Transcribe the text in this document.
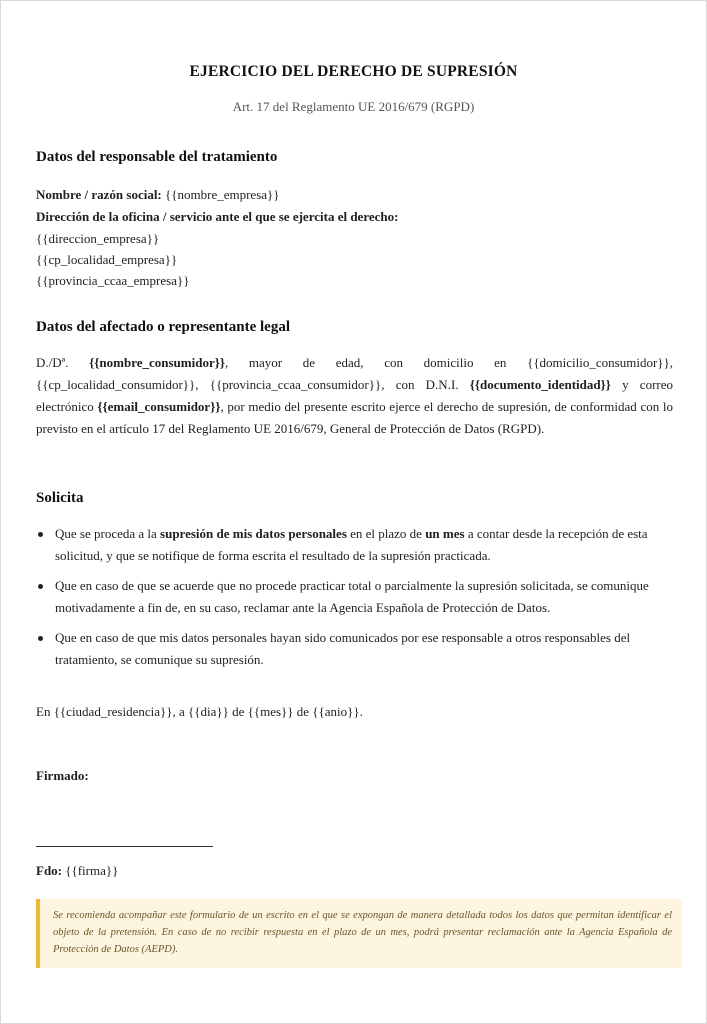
EJERCICIO DEL DERECHO DE SUPRESIÓN
Art. 17 del Reglamento UE 2016/679 (RGPD)
Datos del responsable del tratamiento
Nombre / razón social: {{nombre_empresa}}
Dirección de la oficina / servicio ante el que se ejercita el derecho:
{{direccion_empresa}}
{{cp_localidad_empresa}}
{{provincia_ccaa_empresa}}
Datos del afectado o representante legal
D./Dª. {{nombre_consumidor}}, mayor de edad, con domicilio en {{domicilio_consumidor}}, {{cp_localidad_consumidor}}, {{provincia_ccaa_consumidor}}, con D.N.I. {{documento_identidad}} y correo electrónico {{email_consumidor}}, por medio del presente escrito ejerce el derecho de supresión, de conformidad con lo previsto en el artículo 17 del Reglamento UE 2016/679, General de Protección de Datos (RGPD).
Solicita
Que se proceda a la supresión de mis datos personales en el plazo de un mes a contar desde la recepción de esta solicitud, y que se notifique de forma escrita el resultado de la supresión practicada.
Que en caso de que se acuerde que no procede practicar total o parcialmente la supresión solicitada, se comunique motivadamente a fin de, en su caso, reclamar ante la Agencia Española de Protección de Datos.
Que en caso de que mis datos personales hayan sido comunicados por ese responsable a otros responsables del tratamiento, se comunique su supresión.
En {{ciudad_residencia}}, a {{dia}} de {{mes}} de {{anio}}.
Firmado:
Fdo: {{firma}}
Se recomienda acompañar este formulario de un escrito en el que se expongan de manera detallada todos los datos que permitan identificar el objeto de la pretensión. En caso de no recibir respuesta en el plazo de un mes, podrá presentar reclamación ante la Agencia Española de Protección de Datos (AEPD).
